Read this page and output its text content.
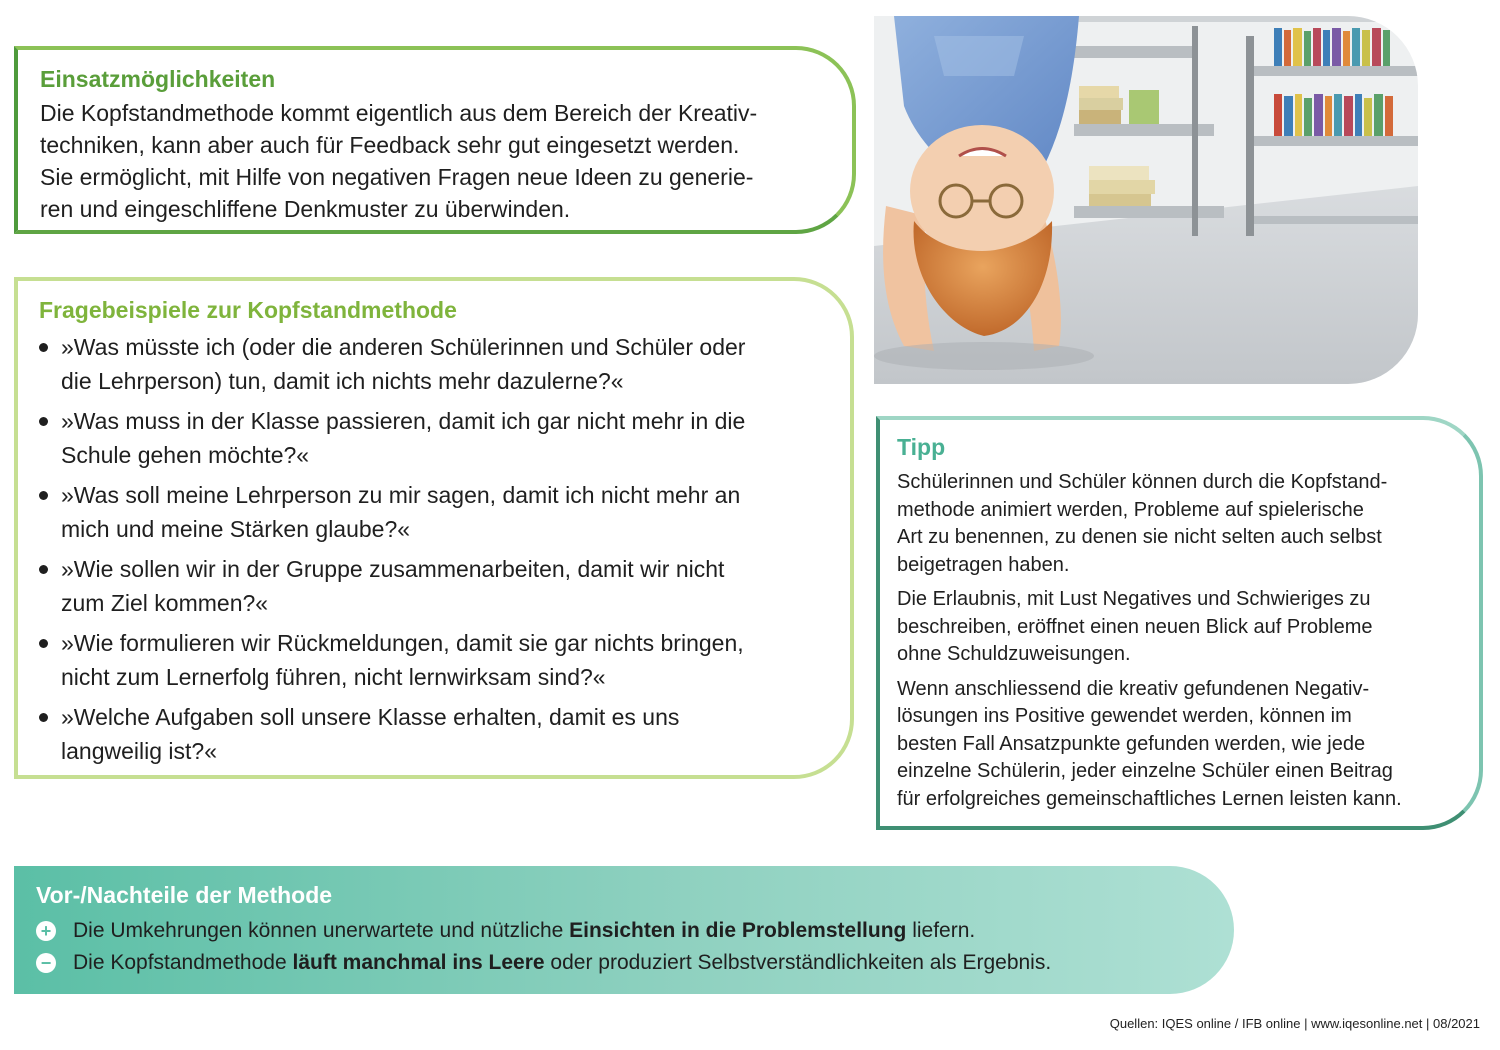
Einsatzmöglichkeiten

Die Kopfstandmethode kommt eigentlich aus dem Bereich der Kreativ-
techniken, kann aber auch für Feedback sehr gut eingesetzt werden.
Sie ermöglicht, mit Hilfe von negativen Fragen neue Ideen zu generie-
ren und eingeschliffene Denkmuster zu überwinden.

Fragebeispiele zur Kopfstandmethode
»Was müsste ich (oder die anderen Schülerinnen und Schüler oder
die Lehrperson) tun, damit ich nichts mehr dazulerne?«
»Was muss in der Klasse passieren, damit ich gar nicht mehr in die
Schule gehen möchte?«
»Was soll meine Lehrperson zu mir sagen, damit ich nicht mehr an
mich und meine Stärken glaube?«
»Wie sollen wir in der Gruppe zusammenarbeiten, damit wir nicht
zum Ziel kommen?«
»Wie formulieren wir Rückmeldungen, damit sie gar nichts bringen,
nicht zum Lernerfolg führen, nicht lernwirksam sind?«
»Welche Aufgaben soll unsere Klasse erhalten, damit es uns
langweilig ist?«
Tipp

Schülerinnen und Schüler können durch die Kopfstand-
methode animiert werden, Probleme auf spielerische
Art zu benennen, zu denen sie nicht selten auch selbst
beigetragen haben.

Die Erlaubnis, mit Lust Negatives und Schwieriges zu
beschreiben, eröffnet einen neuen Blick auf Probleme
ohne Schuldzuweisungen.

Wenn anschliessend die kreativ gefundenen Negativ-
lösungen ins Positive gewendet werden, können im
besten Fall Ansatzpunkte gefunden werden, wie jede
einzelne Schülerin, jeder einzelne Schüler einen Beitrag
für erfolgreiches gemeinschaftliches Lernen leisten kann.

Vor-/Nachteile der Methode
+ Die Umkehrungen können unerwartete und nützliche Einsichten in die Problemstellung liefern.
− Die Kopfstandmethode läuft manchmal ins Leere oder produziert Selbstverständlichkeiten als Ergebnis.
Quellen: IQES online / IFB online | www.iqesonline.net | 08/2021
